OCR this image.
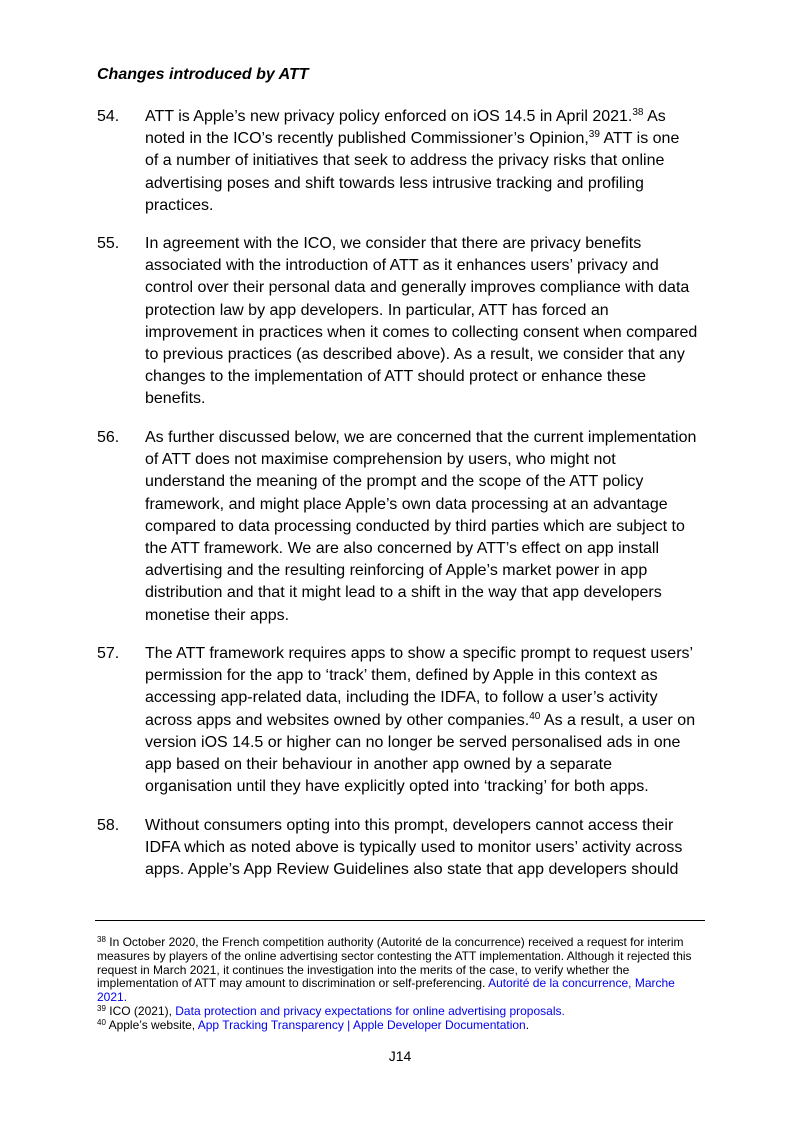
Changes introduced by ATT
54. ATT is Apple’s new privacy policy enforced on iOS 14.5 in April 2021.38 As
noted in the ICO’s recently published Commissioner’s Opinion,$^{39}$ ATT is one
of a number of initiatives that seek to address the privacy risks that online
advertising poses and shift towards less intrusive tracking and profiling
practices.
55. In agreement with the ICO, we consider that there are privacy benefits
associated with the introduction of ATT as it enhances users’ privacy and
control over their personal data and generally improves compliance with data
protection law by app developers. In particular, ATT has forced an
improvement in practices when it comes to collecting consent when compared
to previous practices (as described above). As a result, we consider that any
changes to the implementation of ATT should protect or enhance these
benefits.
56. As further discussed below, we are concerned that the current implementation
of ATT does not maximise comprehension by users, who might not
understand the meaning of the prompt and the scope of the ATT policy
framework, and might place Apple’s own data processing at an advantage
compared to data processing conducted by third parties which are subject to
the ATT framework. We are also concerned by ATT’s effect on app install
advertising and the resulting reinforcing of Apple’s market power in app
distribution and that it might lead to a shift in the way that app developers
monetise their apps.
57. The ATT framework requires apps to show a specific prompt to request users’
permission for the app to ‘track’ them, defined by Apple in this context as
accessing app-related data, including the IDFA, to follow a user’s activity
across apps and websites owned by other companies.$^{40}$ As a result, a user on
version iOS 14.5 or higher can no longer be served personalised ads in one
app based on their behaviour in another app owned by a separate
organisation until they have explicitly opted into ‘tracking’ for both apps.
58. Without consumers opting into this prompt, developers cannot access their
IDFA which as noted above is typically used to monitor users’ activity across
apps. Apple’s App Review Guidelines also state that app developers should
$^{38}$ In October 2020, the French competition authority (Autorité de la concurrence) received a request for interim
measures by players of the online advertising sector contesting the ATT implementation. Although it rejected this
request in March 2021, it continues the investigation into the merits of the case, to verify whether the
implementation of ATT may amount to discrimination or self-preferencing. Autorité de la concurrence, Marche
2021.
$^{39}$ ICO (2021), Data protection and privacy expectations for online advertising proposals.
$^{40}$ Apple’s website, App Tracking Transparency | Apple Developer Documentation.
J14
